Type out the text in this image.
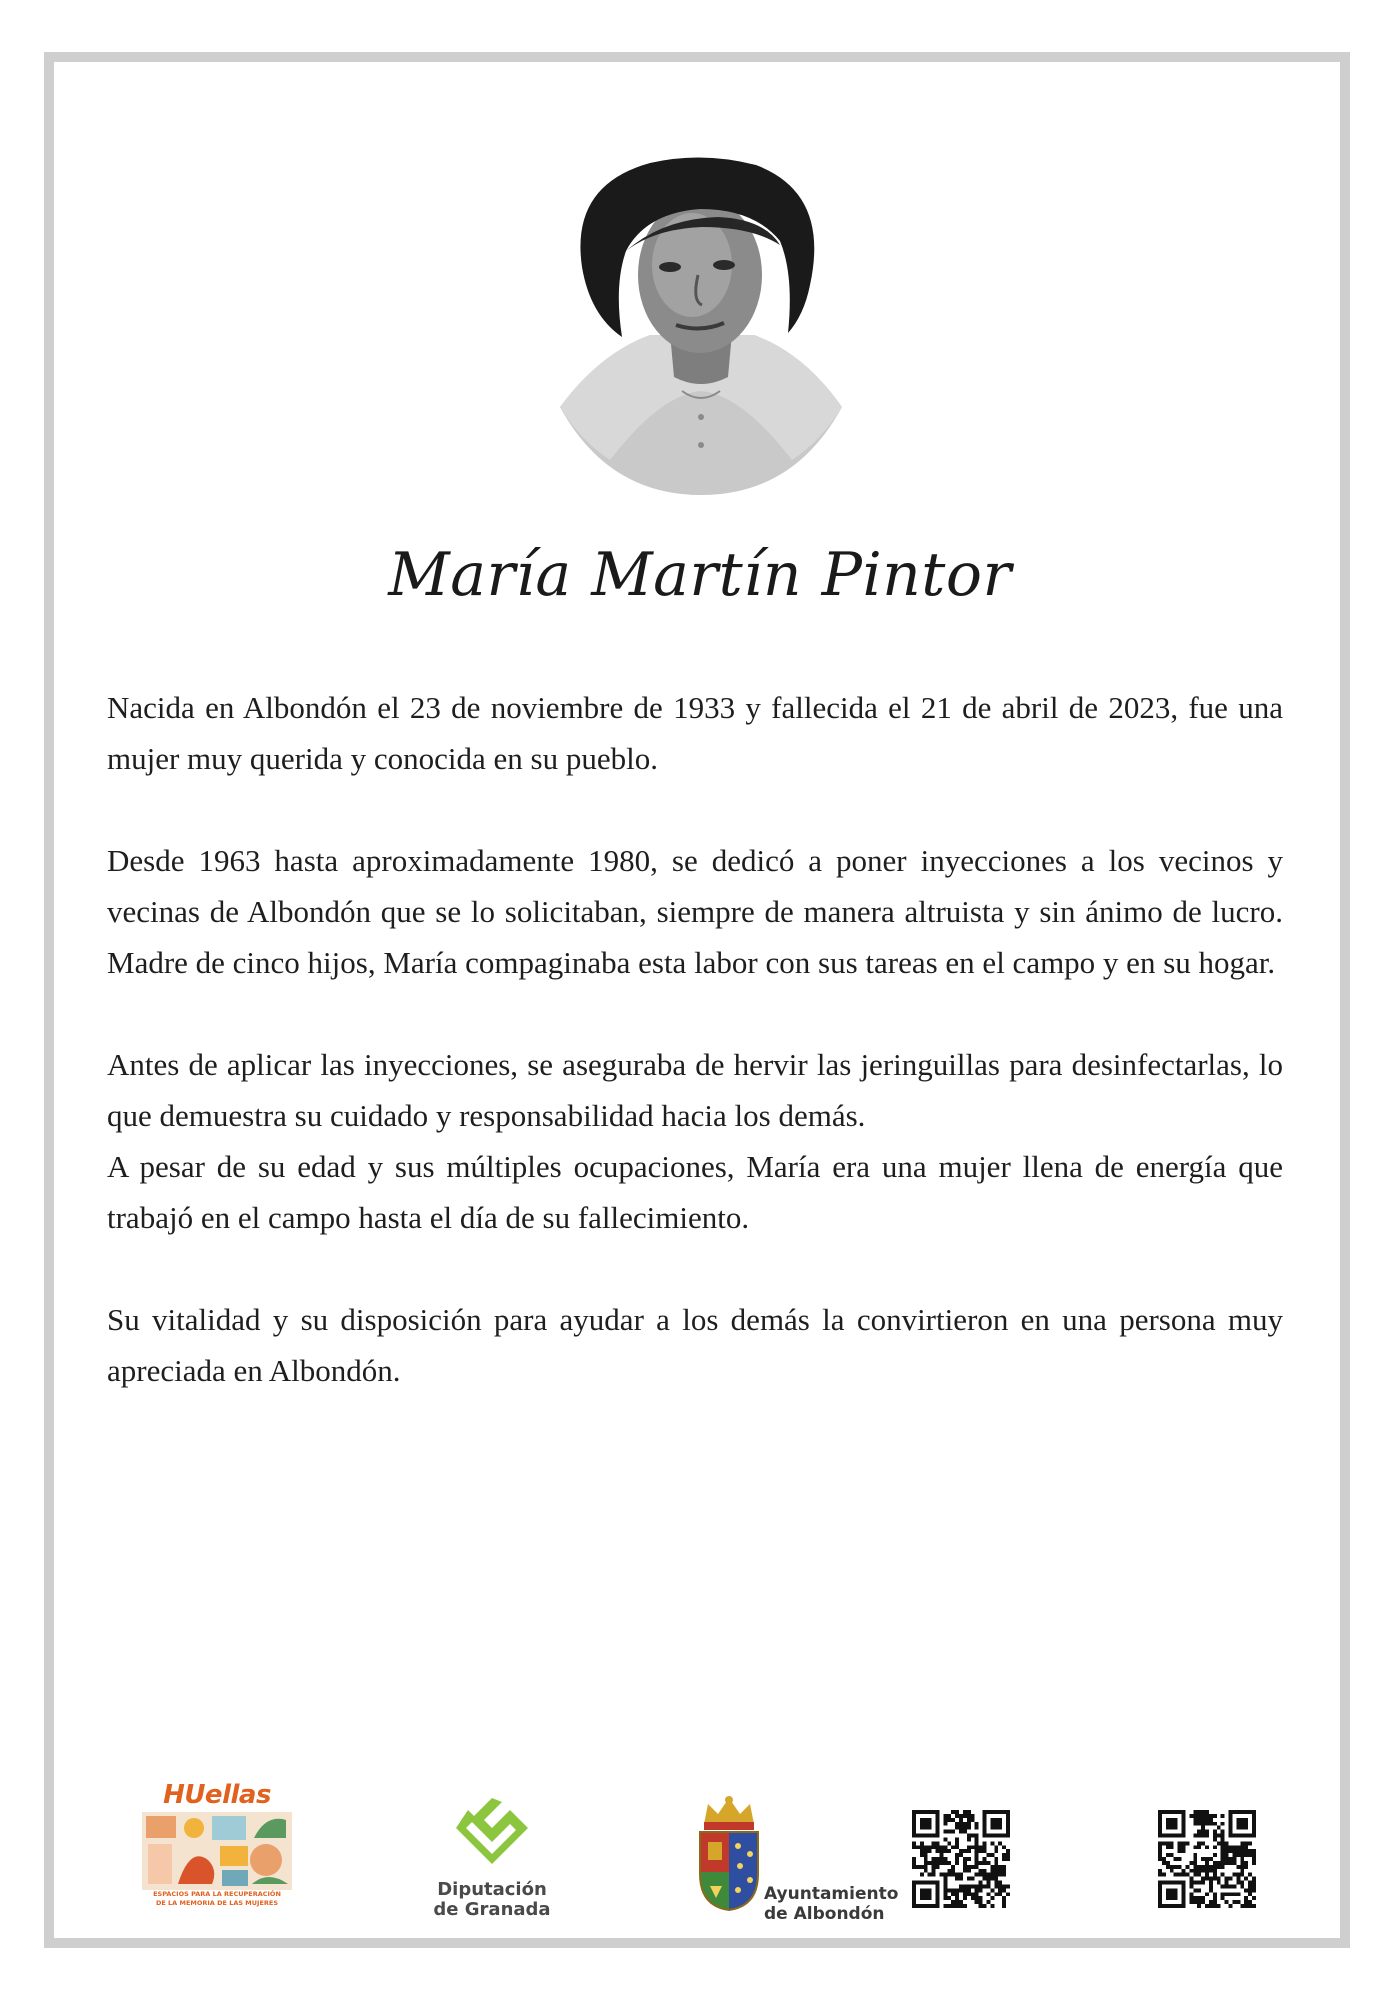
María Martín Pintor

Nacida en Albondón el 23 de noviembre de 1933 y fallecida el 21 de abril de 2023, fue una mujer muy querida y conocida en su pueblo.

Desde 1963 hasta aproximadamente 1980, se dedicó a poner inyecciones a los vecinos y vecinas de Albondón que se lo solicitaban, siempre de manera altruista y sin ánimo de lucro. Madre de cinco hijos, María compaginaba esta labor con sus tareas en el campo y en su hogar.

Antes de aplicar las inyecciones, se aseguraba de hervir las jeringuillas para desinfectarlas, lo que demuestra su cuidado y responsabilidad hacia los demás.

A pesar de su edad y sus múltiples ocupaciones, María era una mujer llena de energía que trabajó en el campo hasta el día de su fallecimiento.

Su vitalidad y su disposición para ayudar a los demás la convirtieron en una persona muy apreciada en Albondón.

HUellas
ESPACIOS PARA LA RECUPERACIÓN
DE LA MEMORIA DE LAS MUJERES
Diputación
de Granada
Ayuntamiento
de Albondón
